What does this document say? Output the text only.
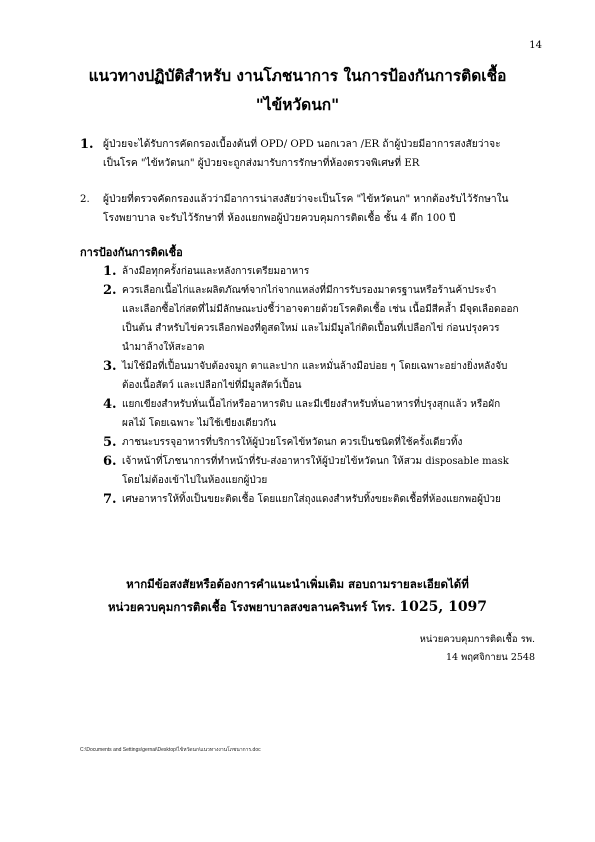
14
แนวทางปฏิบัติสำหรับ งานโภชนาการ ในการป้องกันการติดเชื้อ
"ไข้หวัดนก"
1. ผู้ป่วยจะได้รับการคัดกรองเบื้องต้นที่ OPD/ OPD นอกเวลา /ER ถ้าผู้ป่วยมีอาการสงสัยว่าจะ

เป็นโรค "ไข้หวัดนก" ผู้ป่วยจะถูกส่งมารับการรักษาที่ห้องตรวจพิเศษที่ ER

2. ผู้ป่วยที่ตรวจคัดกรองแล้วว่ามีอาการน่าสงสัยว่าจะเป็นโรค "ไข้หวัดนก" หากต้องรับไว้รักษาใน

โรงพยาบาล จะรับไว้รักษาที่ ห้องแยกพอผู้ป่วยควบคุมการติดเชื้อ ชั้น 4 ตึก 100 ปี

การป้องกันการติดเชื้อ
1. ล้างมือทุกครั้งก่อนและหลังการเตรียมอาหาร

2. ควรเลือกเนื้อไก่และผลิตภัณฑ์จากไก่จากแหล่งที่มีการรับรองมาตรฐานหรือร้านค้าประจำ

และเลือกซื้อไก่สดที่ไม่มีลักษณะบ่งชี้ว่าอาจตายด้วยโรคติดเชื้อ เช่น เนื้อมีสีคล้ำ มีจุดเลือดออก

เป็นต้น สำหรับไข่ควรเลือกฟองที่ดูสดใหม่ และไม่มีมูลไก่ติดเปื้อนที่เปลือกไข่ ก่อนปรุงควร

นำมาล้างให้สะอาด

3. ไม่ใช้มือที่เปื้อนมาจับต้องจมูก ตาและปาก และหมั่นล้างมือบ่อย ๆ โดยเฉพาะอย่างยิ่งหลังจับ

ต้องเนื้อสัตว์ และเปลือกไข่ที่มีมูลสัตว์เปื้อน

4. แยกเขียงสำหรับหั่นเนื้อไก่หรืออาหารดิบ และมีเขียงสำหรับหั่นอาหารที่ปรุงสุกแล้ว หรือผัก

ผลไม้ โดยเฉพาะ ไม่ใช้เขียงเดียวกัน

5. ภาชนะบรรจุอาหารที่บริการให้ผู้ป่วยโรคไข้หวัดนก ควรเป็นชนิดที่ใช้ครั้งเดียวทิ้ง

6. เจ้าหน้าที่โภชนาการที่ทำหน้าที่รับ-ส่งอาหารให้ผู้ป่วยไข้หวัดนก ให้สวม disposable mask

โดยไม่ต้องเข้าไปในห้องแยกผู้ป่วย

7. เศษอาหารให้ทิ้งเป็นขยะติดเชื้อ โดยแยกใส่ถุงแดงสำหรับทิ้งขยะติดเชื้อที่ห้องแยกพอผู้ป่วย

หากมีข้อสงสัยหรือต้องการคำแนะนำเพิ่มเติม สอบถามรายละเอียดได้ที่
หน่วยควบคุมการติดเชื้อ โรงพยาบาลสงขลานครินทร์ โทร. 1025, 1097
หน่วยควบคุมการติดเชื้อ รพ.
14 พฤศจิกายน 2548
C:\Documents and Settings\gernai\Desktop\ไข้หวัดนก\แนวทางงานโภชนาการ.doc
